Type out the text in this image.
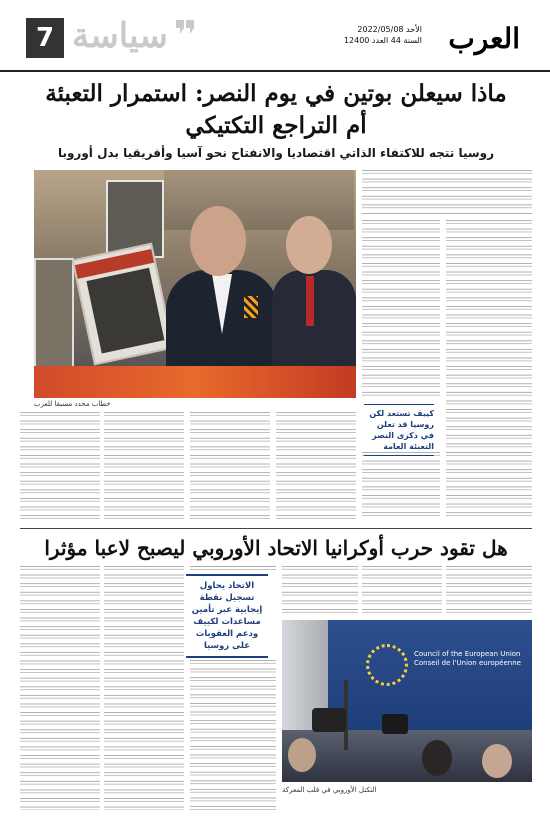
7 سياسة	العرب
الأحد 2022/05/08
السنة 44 العدد 12400
ماذا سيعلن بوتين في يوم النصر: استمرار التعبئة
أم التراجع التكتيكي
روسيا تتجه للاكتفاء الذاتي اقتصاديا والانفتاح نحو آسيا وأفريقيا بدل أوروبا
كييف تستعد لكن روسيا قد تعلن في ذكرى النصر التعبئة العامة
خطاب محدد مسبقا للعرب
هل تقود حرب أوكرانيا الاتحاد الأوروبي ليصبح لاعبا مؤثرا
الاتحاد يحاول تسجيل نقطة إيجابية عبر تأمين مساعدات لكييف ودعم العقوبات على روسيا
Council of the European Union
Conseil de l'Union européenne
التكتل الأوروبي في قلب المعركة
